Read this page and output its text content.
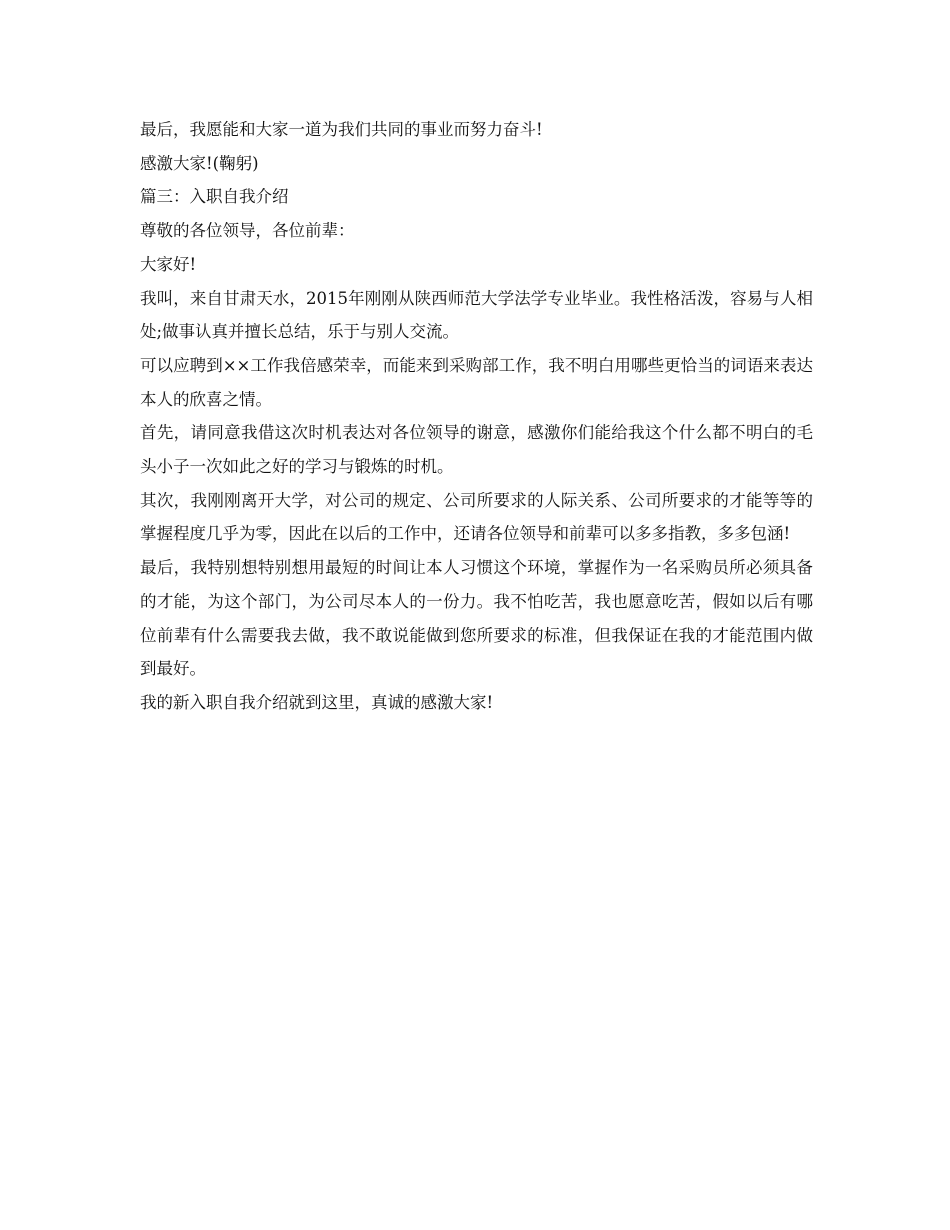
最后，我愿能和大家一道为我们共同的事业而努力奋斗!

感激大家!(鞠躬)

篇三：入职自我介绍

尊敬的各位领导，各位前辈：

大家好!

我叫，来自甘肃天水，2015年刚刚从陕西师范大学法学专业毕业。我性格活泼，容易与人相处;做事认真并擅长总结，乐于与别人交流。

可以应聘到××工作我倍感荣幸，而能来到采购部工作，我不明白用哪些更恰当的词语来表达本人的欣喜之情。

首先，请同意我借这次时机表达对各位领导的谢意，感激你们能给我这个什么都不明白的毛头小子一次如此之好的学习与锻炼的时机。

其次，我刚刚离开大学，对公司的规定、公司所要求的人际关系、公司所要求的才能等等的掌握程度几乎为零，因此在以后的工作中，还请各位领导和前辈可以多多指教，多多包涵!

最后，我特别想特别想用最短的时间让本人习惯这个环境，掌握作为一名采购员所必须具备的才能，为这个部门，为公司尽本人的一份力。我不怕吃苦，我也愿意吃苦，假如以后有哪位前辈有什么需要我去做，我不敢说能做到您所要求的标准，但我保证在我的才能范围内做到最好。

我的新入职自我介绍就到这里，真诚的感激大家!
